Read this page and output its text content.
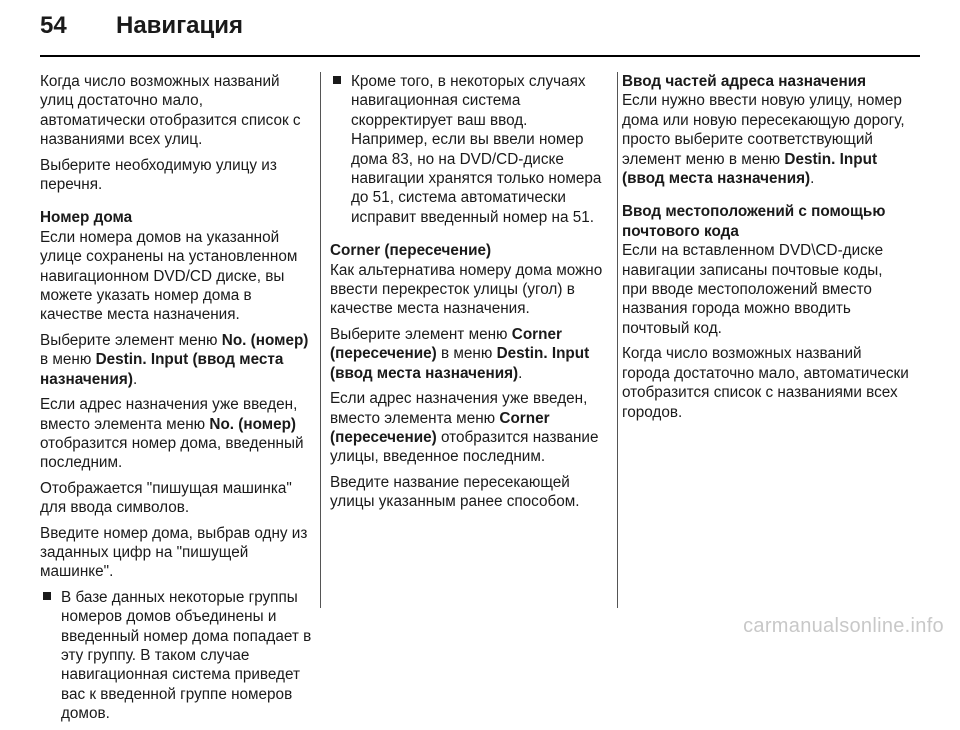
54 Навигация

Когда число возможных названий улиц достаточно мало, автоматически отобразится список с названиями всех улиц.

Выберите необходимую улицу из перечня.

Номер дома

Если номера домов на указанной улице сохранены на установленном навигационном DVD/CD диске, вы можете указать номер дома в качестве места назначения.

Выберите элемент меню No. (номер) в меню Destin. Input (ввод места назначения).

Если адрес назначения уже введен, вместо элемента меню No. (номер) отобразится номер дома, введенный последним.

Отображается "пишущая машинка" для ввода символов.

Введите номер дома, выбрав одну из заданных цифр на "пишущей машинке".

В базе данных некоторые группы номеров домов объединены и введенный номер дома попадает в эту группу. В таком случае навигационная система приведет вас к введенной группе номеров домов.
Кроме того, в некоторых случаях навигационная система скорректирует ваш ввод. Например, если вы ввели номер дома 83, но на DVD/CD-диске навигации хранятся только номера до 51, система автоматически исправит введенный номер на 51.

Corner (пересечение)

Как альтернатива номеру дома можно ввести перекресток улицы (угол) в качестве места назначения.

Выберите элемент меню Corner (пересечение) в меню Destin. Input (ввод места назначения).

Если адрес назначения уже введен, вместо элемента меню Corner (пересечение) отобразится название улицы, введенное последним.

Введите название пересекающей улицы указанным ранее способом.

Ввод частей адреса назначения

Если нужно ввести новую улицу, номер дома или новую пересекающую дорогу, просто выберите соответствующий элемент меню в меню Destin. Input (ввод места назначения).

Ввод местоположений с помощью почтового кода

Если на вставленном DVD\CD-диске навигации записаны почтовые коды, при вводе местоположений вместо названия города можно вводить почтовый код.

Когда число возможных названий города достаточно мало, автоматически отобразится список с названиями всех городов.

carmanualsonline.info
